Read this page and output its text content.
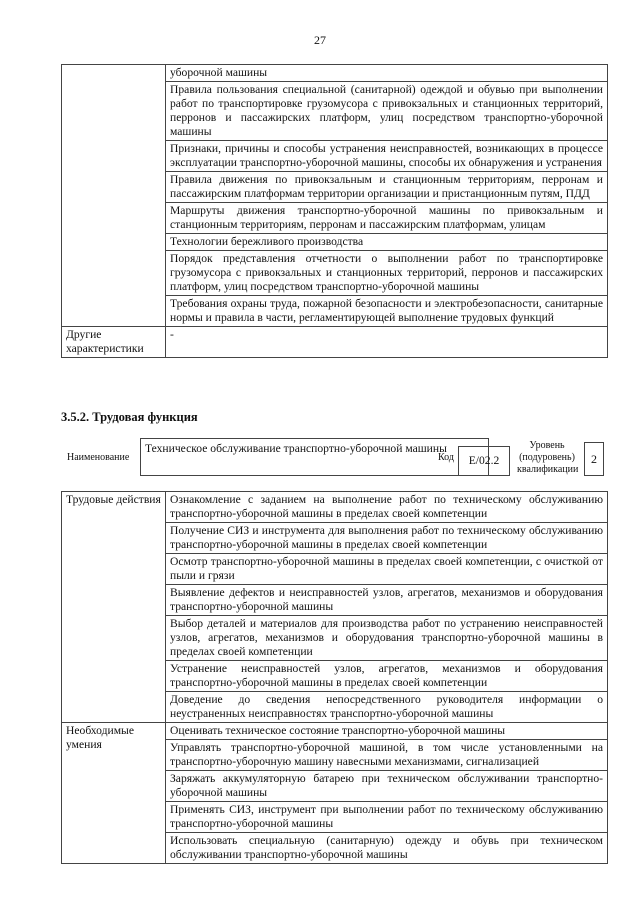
27
	уборочной машины
	Правила пользования специальной (санитарной) одеждой и обувью при выполнении работ по транспортировке грузомусора с привокзальных и станционных территорий, перронов и пассажирских платформ, улиц посредством транспортно-уборочной машины
	Признаки, причины и способы устранения неисправностей, возникающих в процессе эксплуатации транспортно-уборочной машины, способы их обнаружения и устранения
	Правила движения по привокзальным и станционным территориям, перронам и пассажирским платформам территории организации и пристанционным путям, ПДД
	Маршруты движения транспортно-уборочной машины по привокзальным и станционным территориям, перронам и пассажирским платформам, улицам
	Технологии бережливого производства
	Порядок представления отчетности о выполнении работ по транспортировке грузомусора с привокзальных и станционных территорий, перронов и пассажирских платформ, улиц посредством транспортно-уборочной машины
	Требования охраны труда, пожарной безопасности и электробезопасности, санитарные нормы и правила в части, регламентирующей выполнение трудовых функций
Другие характеристики	-
3.5.2. Трудовая функция
Наименование
Техническое обслуживание транспортно-уборочной машины
Код	E/02.2
Уровень (подуровень) квалификации
2
Трудовые действия	Ознакомление с заданием на выполнение работ по техническому обслуживанию транспортно-уборочной машины в пределах своей компетенции
	Получение СИЗ и инструмента для выполнения работ по техническому обслуживанию транспортно-уборочной машины в пределах своей компетенции
	Осмотр транспортно-уборочной машины в пределах своей компетенции, с очисткой от пыли и грязи
	Выявление дефектов и неисправностей узлов, агрегатов, механизмов и оборудования транспортно-уборочной машины
	Выбор деталей и материалов для производства работ по устранению неисправностей узлов, агрегатов, механизмов и оборудования транспортно-уборочной машины в пределах своей компетенции
	Устранение неисправностей узлов, агрегатов, механизмов и оборудования транспортно-уборочной машины в пределах своей компетенции
	Доведение до сведения непосредственного руководителя информации о неустраненных неисправностях транспортно-уборочной машины
Необходимые умения	Оценивать техническое состояние транспортно-уборочной машины
	Управлять транспортно-уборочной машиной, в том числе установленными на транспортно-уборочную машину навесными механизмами, сигнализацией
	Заряжать аккумуляторную батарею при техническом обслуживании транспортно-уборочной машины
	Применять СИЗ, инструмент при выполнении работ по техническому обслуживанию транспортно-уборочной машины
	Использовать специальную (санитарную) одежду и обувь при техническом обслуживании транспортно-уборочной машины
